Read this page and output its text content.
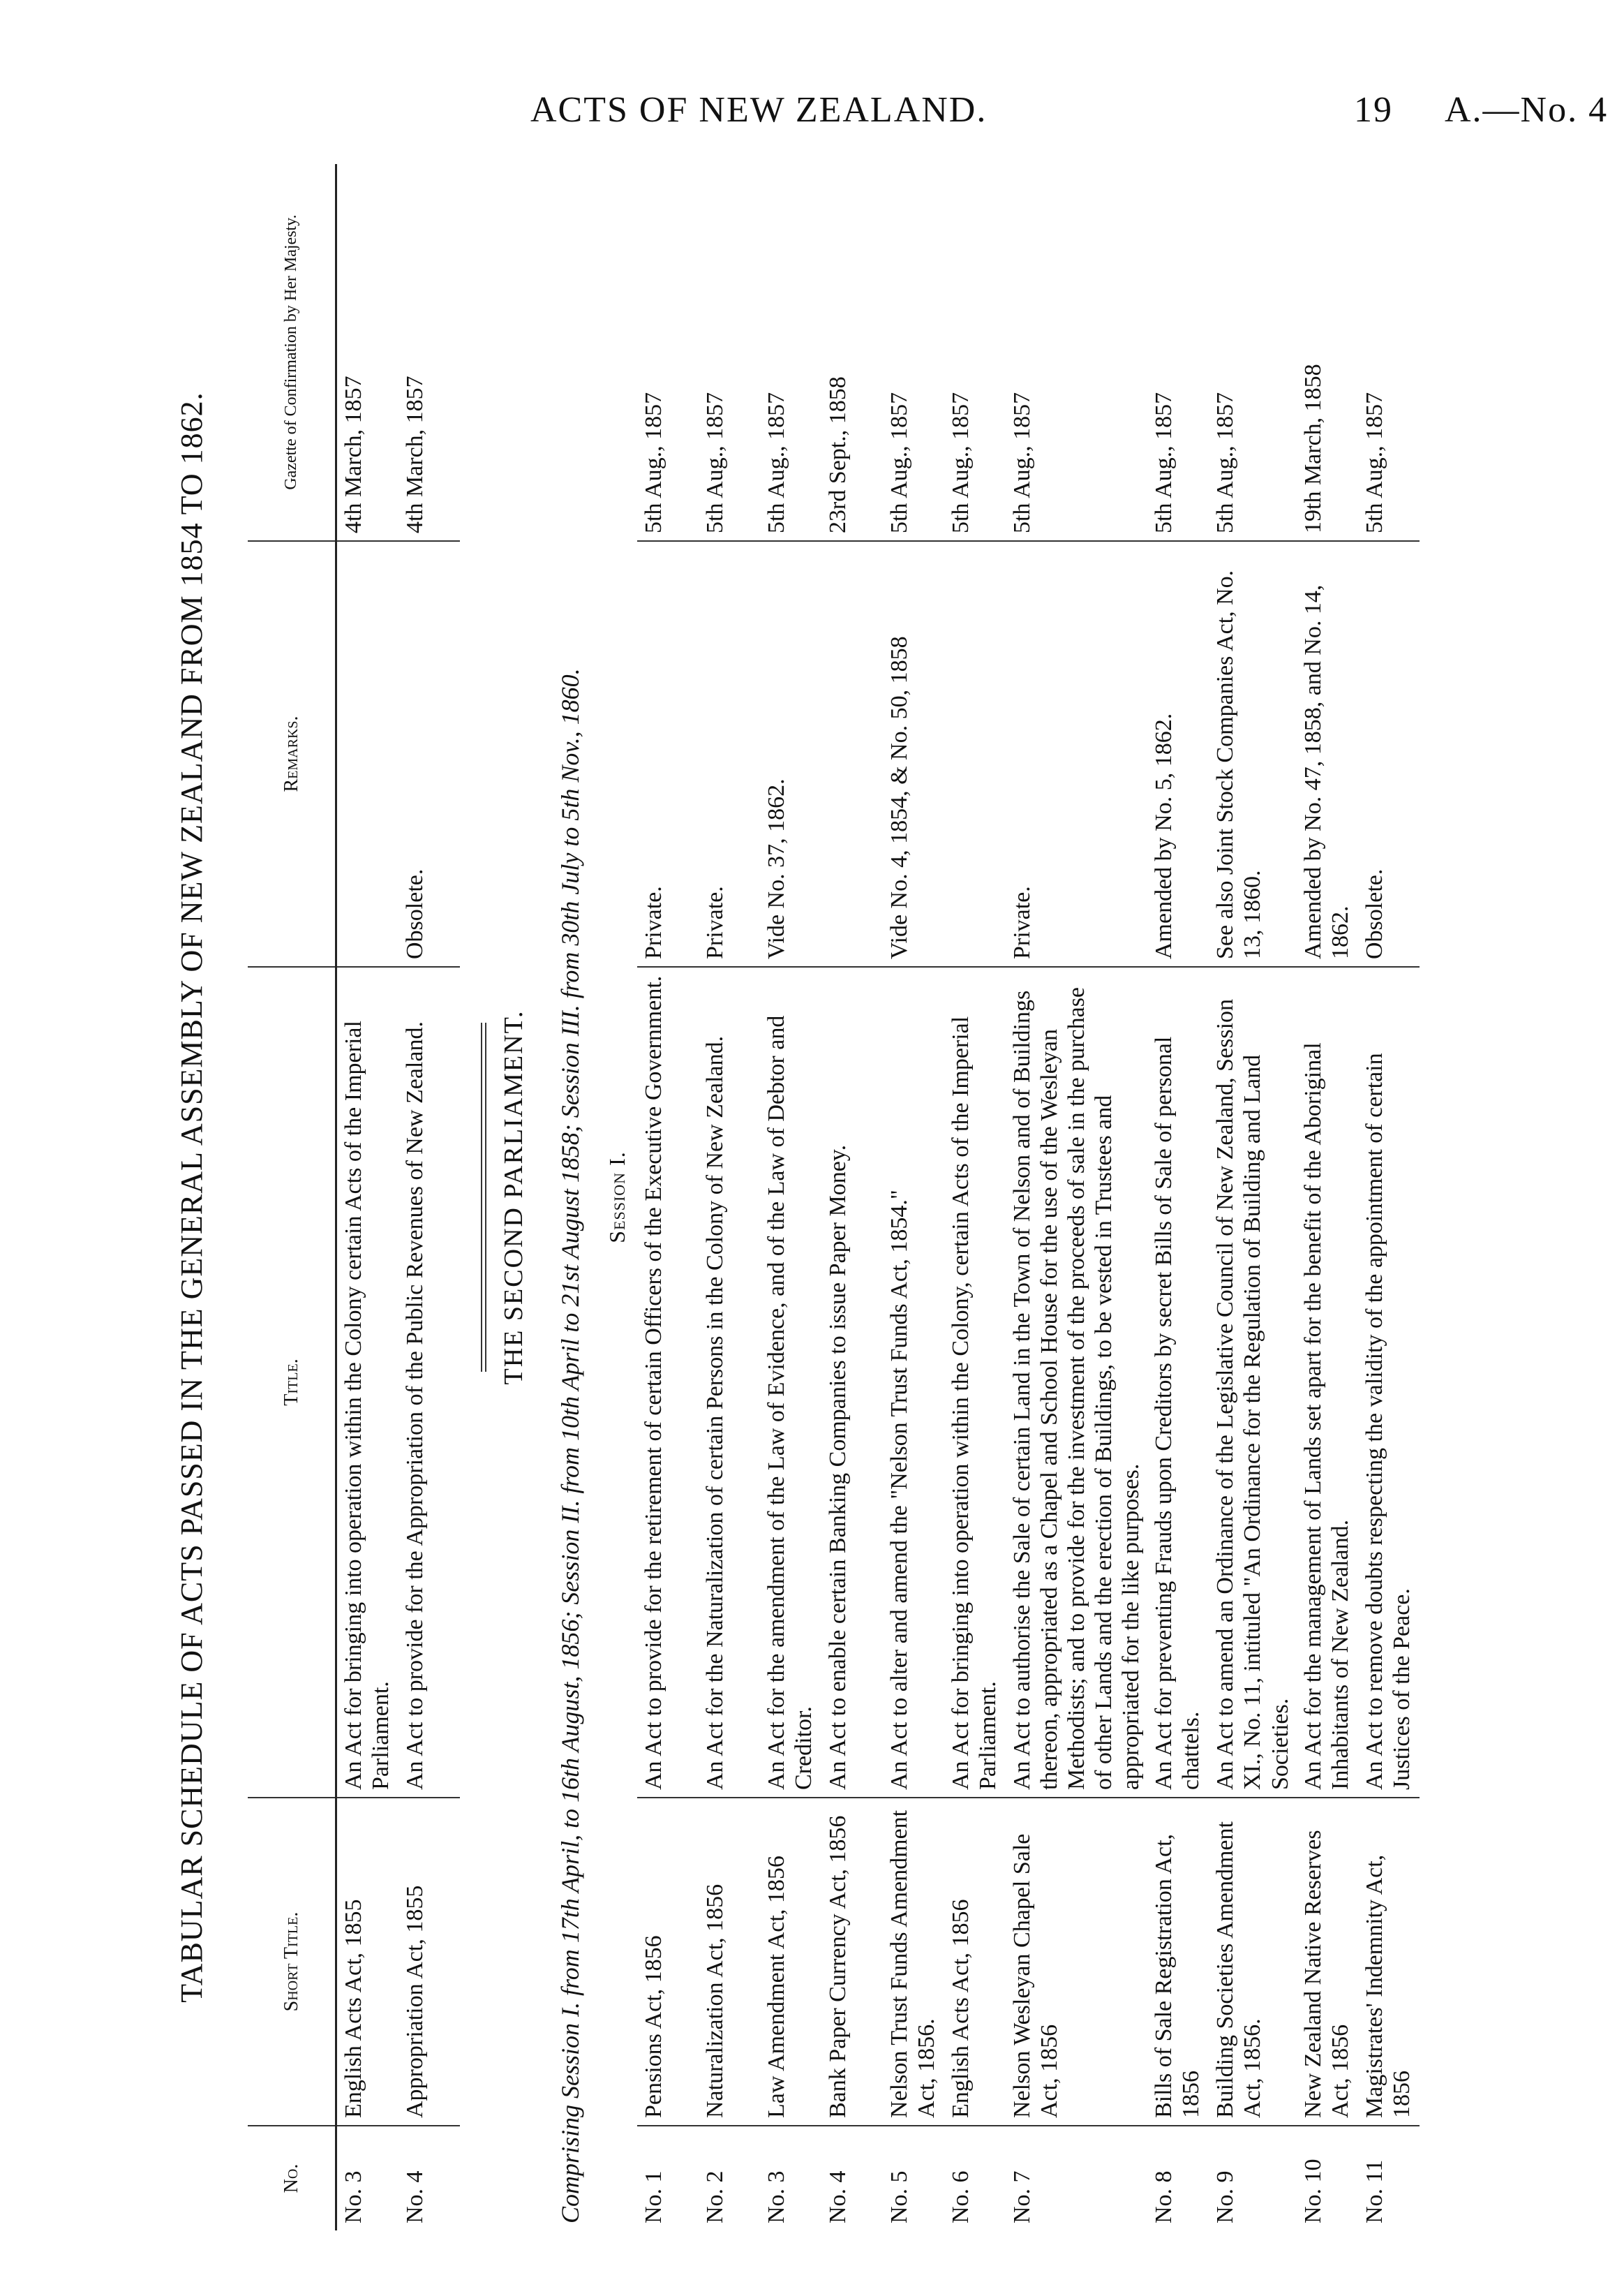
ACTS OF NEW ZEALAND.	19 A.—No. 4
TABULAR SCHEDULE OF ACTS PASSED IN THE GENERAL ASSEMBLY OF NEW ZEALAND FROM 1854 TO 1862.
No.	Short Title.	Title.	Remarks.	Gazette of Confirmation by Her Majesty.
No. 3	English Acts Act, 1855	An Act for bringing into operation within the Colony certain Acts of the Imperial Parliament.		4th March, 1857
No. 4	Appropriation Act, 1855	An Act to provide for the Appropriation of the Public Revenues of New Zealand.	Obsolete.	4th March, 1857

THE SECOND PARLIAMENT.				

Comprising Session I. from 17th April, to 16th August, 1856; Session II. from 10th April to 21st August 1858; Session III. from 30th July to 5th Nov., 1860.				
Session I.				
No. 1	Pensions Act, 1856	An Act to provide for the retirement of certain Officers of the Executive Government.	Private.	5th Aug., 1857
No. 2	Naturalization Act, 1856	An Act for the Naturalization of certain Persons in the Colony of New Zealand.	Private.	5th Aug., 1857
No. 3	Law Amendment Act, 1856	An Act for the amendment of the Law of Evidence, and of the Law of Debtor and Creditor.	Vide No. 37, 1862.	5th Aug., 1857
No. 4	Bank Paper Currency Act, 1856	An Act to enable certain Banking Companies to issue Paper Money.		23rd Sept., 1858
No. 5	Nelson Trust Funds Amendment Act, 1856.	An Act to alter and amend the "Nelson Trust Funds Act, 1854."	Vide No. 4, 1854, & No. 50, 1858	5th Aug., 1857
No. 6	English Acts Act, 1856	An Act for bringing into operation within the Colony, certain Acts of the Imperial Parliament.		5th Aug., 1857
No. 7	Nelson Wesleyan Chapel Sale Act, 1856	An Act to authorise the Sale of certain Land in the Town of Nelson and of Buildings thereon, appropriated as a Chapel and School House for the use of the Wesleyan Methodists; and to provide for the investment of the proceeds of sale in the purchase of other Lands and the erection of Buildings, to be vested in Trustees and appropriated for the like purposes.	Private.	5th Aug., 1857
No. 8	Bills of Sale Registration Act, 1856	An Act for preventing Frauds upon Creditors by secret Bills of Sale of personal chattels.	Amended by No. 5, 1862.	5th Aug., 1857
No. 9	Building Societies Amendment Act, 1856.	An Act to amend an Ordinance of the Legislative Council of New Zealand, Session XI., No. 11, intituled "An Ordinance for the Regulation of Building and Land Societies.	See also Joint Stock Companies Act, No. 13, 1860.	5th Aug., 1857
No. 10	New Zealand Native Reserves Act, 1856	An Act for the management of Lands set apart for the benefit of the Aboriginal Inhabitants of New Zealand.	Amended by No. 47, 1858, and No. 14, 1862.	19th March, 1858
No. 11	Magistrates' Indemnity Act, 1856	An Act to remove doubts respecting the validity of the appointment of certain Justices of the Peace.	Obsolete.	5th Aug., 1857
